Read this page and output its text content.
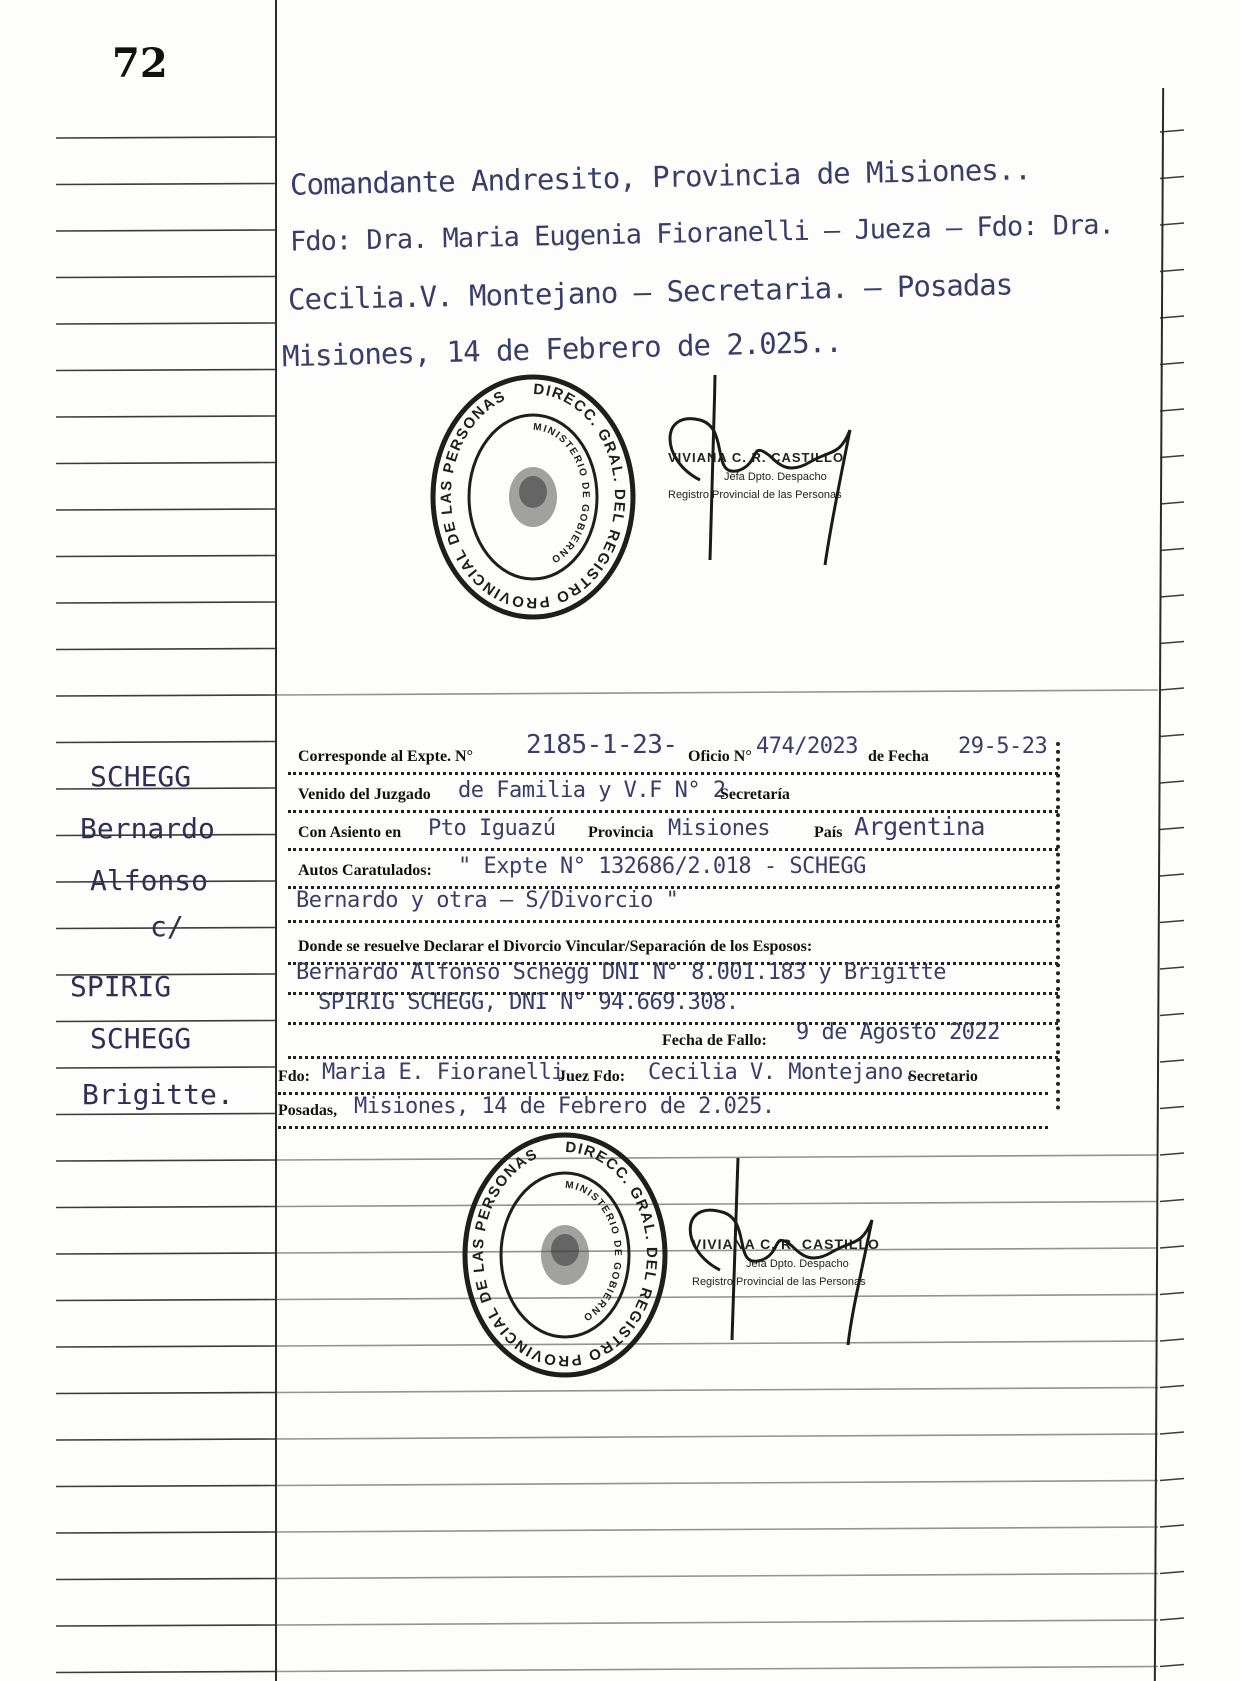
72
Comandante Andresito, Provincia de Misiones..
Fdo: Dra. Maria Eugenia Fioranelli — Jueza — Fdo: Dra.
Cecilia.V. Montejano — Secretaria. — Posadas
Misiones, 14 de Febrero de 2.025..
DIRECC. GRAL. DEL REGISTRO PROVINCIAL DE LAS PERSONAS
MINISTERIO DE GOBIERNO
VIVIANA C. R. CASTILLO
Jefa Dpto. Despacho
Registro Provincial de las Personas
SCHEGG
Bernardo
Alfonso
c/
SPIRIG
SCHEGG
Brigitte.
Corresponde al Expte. N° 2185-1-23- Oficio N° 474/2023 de Fecha 29-5-23
Venido del Juzgado de Familia y V.F N° 2
Secretaría
Con Asiento en Pto Iguazú Provincia Misiones	País Argentina
Autos Caratulados: " Expte N° 132686/2.018 - SCHEGG
Bernardo y otra — S/Divorcio "
Donde se resuelve Declarar el Divorcio Vincular/Separación de los Esposos:
Bernardo Alfonso Schegg DNI N° 8.001.183 y Brigitte
SPIRIG SCHEGG, DNI N° 94.669.308.
Fecha de Fallo: 9 de Agosto 2022
Fdo: Maria E. Fioranelli
Juez Fdo: Cecilia V. Montejano.
Secretario
Posadas, Misiones, 14 de Febrero de 2.025.
DIRECC. GRAL. DEL REGISTRO PROVINCIAL DE LAS PERSONAS
MINISTERIO DE GOBIERNO
VIVIANA C. R. CASTILLO
Jefa Dpto. Despacho
Registro Provincial de las Personas
